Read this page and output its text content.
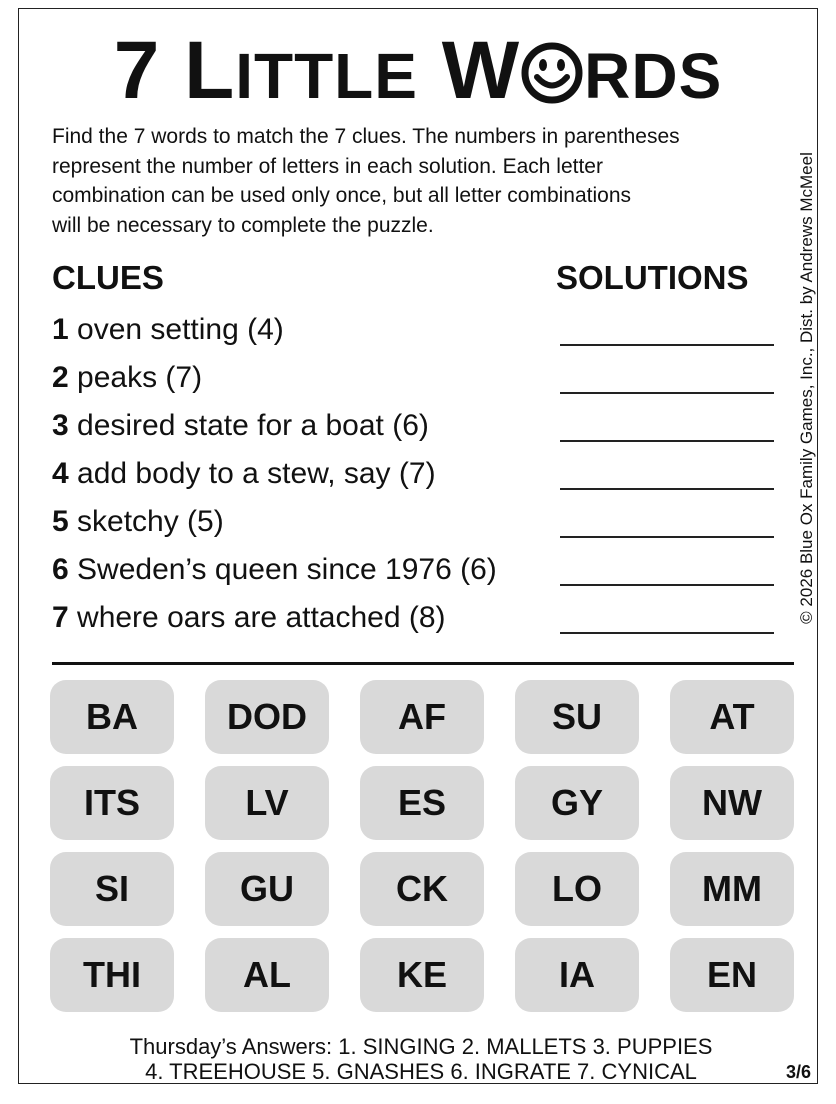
7 LITTLE W RDS
Find the 7 words to match the 7 clues. The numbers in parentheses
represent the number of letters in each solution. Each letter
combination can be used only once, but all letter combinations
will be necessary to complete the puzzle.	© 2026 Blue Ox Family Games, Inc., Dist. by Andrews McMeel
CLUES	SOLUTIONS
1 oven setting (4)
2 peaks (7)
3 desired state for a boat (6)
4 add body to a stew, say (7)
5 sketchy (5)
6 Sweden’s queen since 1976 (6)
7 where oars are attached (8)
BA	DOD	AF	SU	AT
ITS	LV	ES	GY	NW
SI	GU	CK	LO	MM
THI	AL	KE	IA	EN
Thursday’s Answers: 1. SINGING 2. MALLETS 3. PUPPIES
4. TREEHOUSE 5. GNASHES 6. INGRATE 7. CYNICAL	3/6
